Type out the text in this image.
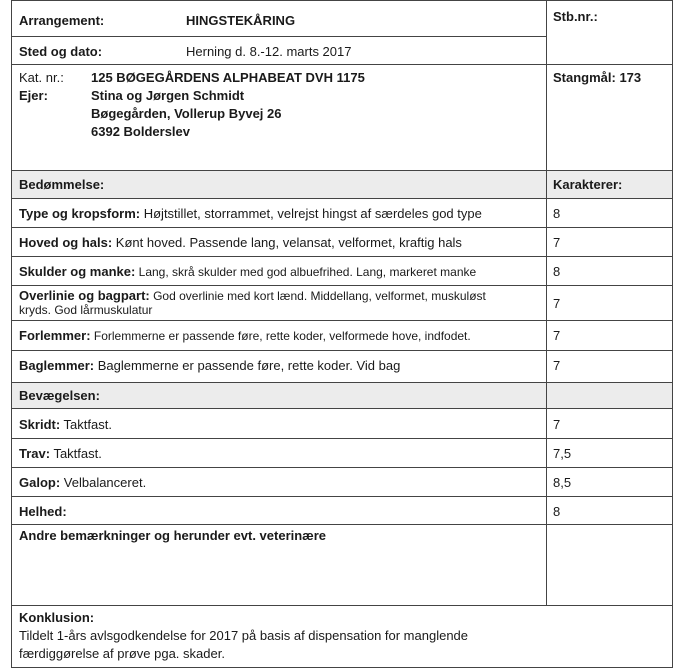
Arrangement:	HINGSTEKÅRING	Stb.nr.:
Sted og dato:	Herning d. 8.-12. marts 2017
Kat. nr.: 125 BØGEGÅRDENS ALPHABEAT DVH 1175
Ejer:	Stina og Jørgen Schmidt
Bøgegården, Vollerup Byvej 26
6392 Bolderslev
Stangmål: 173
Bedømmelse:	Karakterer:
Type og kropsform: Højtstillet, storrammet, velrejst hingst af særdeles god type	8
Hoved og hals: Kønt hoved. Passende lang, velansat, velformet, kraftig hals	7
Skulder og manke: Lang, skrå skulder med god albuefrihed. Lang, markeret manke	8
Overlinie og bagpart: God overlinie med kort lænd. Middellang, velformet, muskuløst
kryds. God lårmuskulatur	7
Forlemmer: Forlemmerne er passende føre, rette koder, velformede hove, indfodet.	7
Baglemmer: Baglemmerne er passende føre, rette koder. Vid bag	7
Bevægelsen:
Skridt: Taktfast.	7
Trav: Taktfast.	7,5
Galop: Velbalanceret.	8,5
Helhed:	8
Andre bemærkninger og herunder evt. veterinære
Konklusion:
Tildelt 1-års avlsgodkendelse for 2017 på basis af dispensation for manglende
færdiggørelse af prøve pga. skader.
